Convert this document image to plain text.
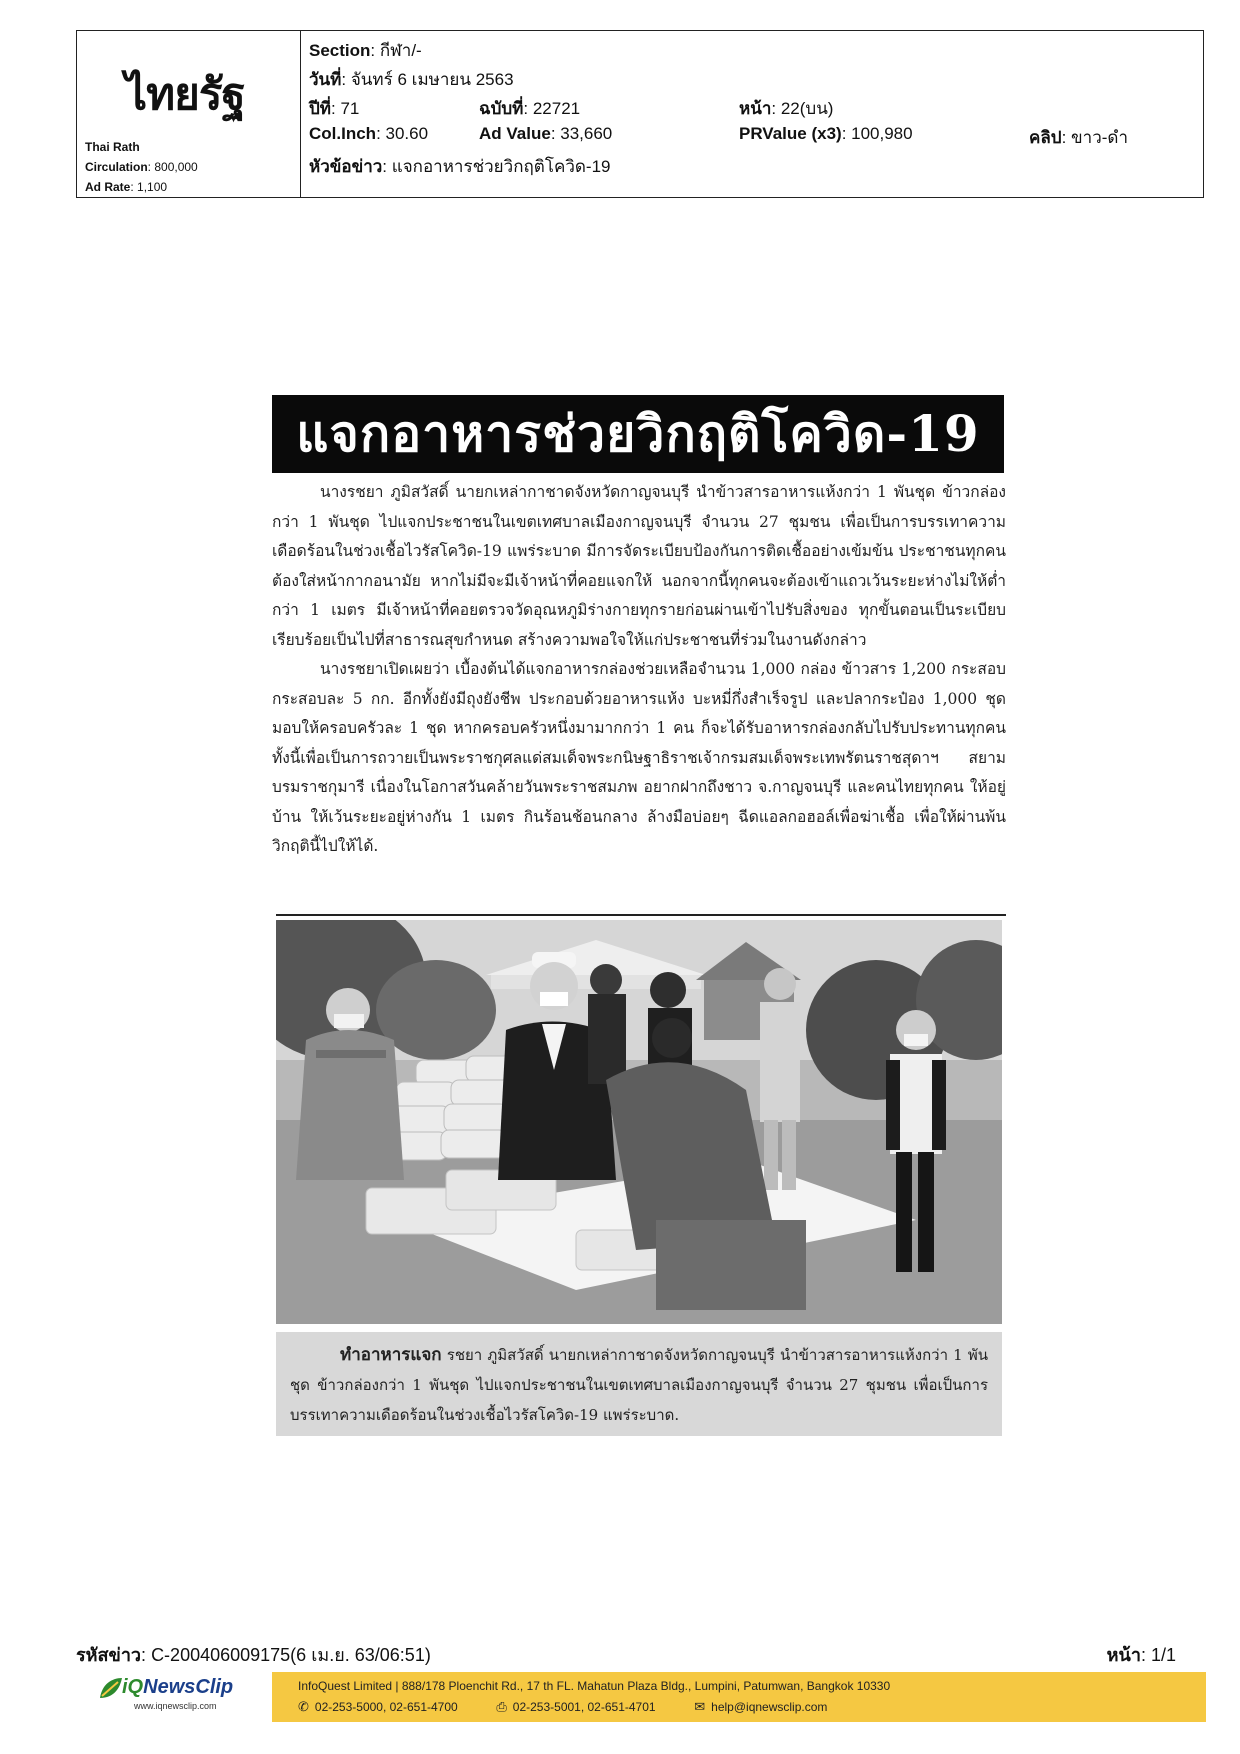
ไทยรัฐ
Thai Rath
Circulation: 800,000
Ad Rate: 1,100
Section: กีฬา/-
วันที่: จันทร์ 6 เมษายน 2563
ปีที่: 71	ฉบับที่: 22721	หน้า: 22(บน)
Col.Inch: 30.60	Ad Value: 33,660	PRValue (x3): 100,980	คลิป: ขาว-ดำ
หัวข้อข่าว: แจกอาหารช่วยวิกฤติโควิด-19
แจกอาหารช่วยวิกฤติโควิด-19

นางรชยา ภูมิสวัสดิ์ นายกเหล่ากาชาดจังหวัดกาญจนบุรี นำข้าวสารอาหารแห้งกว่า 1 พันชุด ข้าวกล่องกว่า 1 พันชุด ไปแจกประชาชนในเขตเทศบาลเมืองกาญจนบุรี จำนวน 27 ชุมชน เพื่อเป็นการบรรเทาความเดือดร้อนในช่วงเชื้อไวรัสโควิด-19 แพร่ระบาด มีการจัดระเบียบป้องกันการติดเชื้ออย่างเข้มข้น ประชาชนทุกคนต้องใส่หน้ากากอนามัย หากไม่มีจะมีเจ้าหน้าที่คอยแจกให้ นอกจากนี้ทุกคนจะต้องเข้าแถวเว้นระยะห่างไม่ให้ต่ำกว่า 1 เมตร มีเจ้าหน้าที่คอยตรวจวัดอุณหภูมิร่างกายทุกรายก่อนผ่านเข้าไปรับสิ่งของ ทุกขั้นตอนเป็นระเบียบเรียบร้อยเป็นไปที่สาธารณสุขกำหนด สร้างความพอใจให้แก่ประชาชนที่ร่วมในงานดังกล่าว

นางรชยาเปิดเผยว่า เบื้องต้นได้แจกอาหารกล่องช่วยเหลือจำนวน 1,000 กล่อง ข้าวสาร 1,200 กระสอบ กระสอบละ 5 กก. อีกทั้งยังมีถุงยังชีพ ประกอบด้วยอาหารแห้ง บะหมี่กึ่งสำเร็จรูป และปลากระป๋อง 1,000 ชุด มอบให้ครอบครัวละ 1 ชุด หากครอบครัวหนึ่งมามากกว่า 1 คน ก็จะได้รับอาหารกล่องกลับไปรับประทานทุกคน ทั้งนี้เพื่อเป็นการถวายเป็นพระราชกุศลแด่สมเด็จพระกนิษฐาธิราชเจ้ากรมสมเด็จพระเทพรัตนราชสุดาฯ สยามบรมราชกุมารี เนื่องในโอกาสวันคล้ายวันพระราชสมภพ อยากฝากถึงชาว จ.กาญจนบุรี และคนไทยทุกคน ให้อยู่บ้าน ให้เว้นระยะอยู่ห่างกัน 1 เมตร กินร้อนช้อนกลาง ล้างมือบ่อยๆ ฉีดแอลกอฮอล์เพื่อฆ่าเชื้อ เพื่อให้ผ่านพ้นวิกฤตินี้ไปให้ได้.

ทำอาหารแจก รชยา ภูมิสวัสดิ์ นายกเหล่ากาชาดจังหวัดกาญจนบุรี นำข้าวสารอาหารแห้งกว่า 1 พันชุด ข้าวกล่องกว่า 1 พันชุด ไปแจกประชาชนในเขตเทศบาลเมืองกาญจนบุรี จำนวน 27 ชุมชน เพื่อเป็นการบรรเทาความเดือดร้อนในช่วงเชื้อไวรัสโควิด-19 แพร่ระบาด.
รหัสข่าว: C-200406009175(6 เม.ย. 63/06:51)	หน้า: 1/1
iQNewsClip
www.iqnewsclip.com
InfoQuest Limited | 888/178 Ploenchit Rd., 17 th FL. Mahatun Plaza Bldg., Lumpini, Patumwan, Bangkok 10330
✆ 02-253-5000, 02-651-4700	⎙ 02-253-5001, 02-651-4701	✉ help@iqnewsclip.com
